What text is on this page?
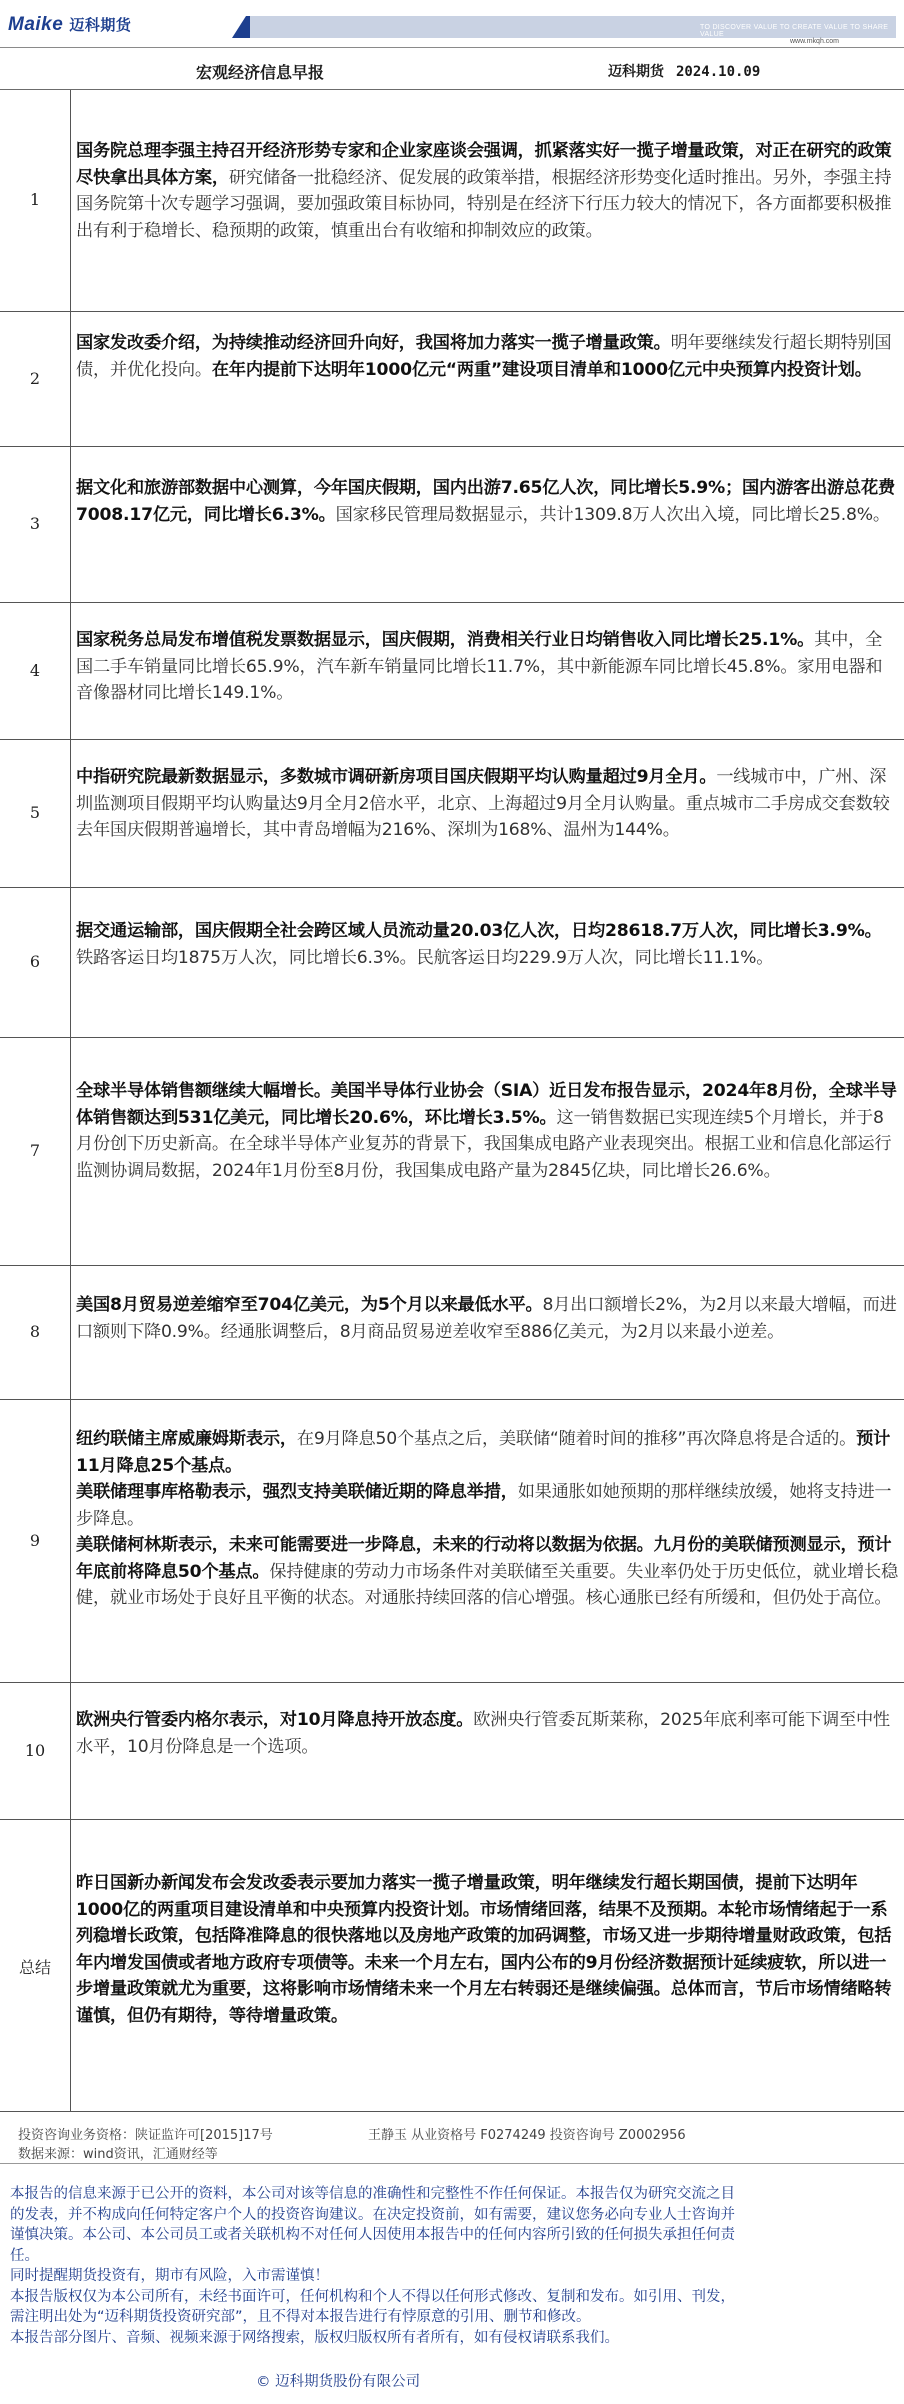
Maike 迈科期货	TO DISCOVER VALUE TO CREATE VALUE TO SHARE VALUE
www.mkqh.com
宏观经济信息早报	迈科期货 2024.10.09
1
国务院总理李强主持召开经济形势专家和企业家座谈会强调，抓紧落实好一揽子增量政策，对正在研究的政策尽快拿出具体方案，研究储备一批稳经济、促发展的政策举措，根据经济形势变化适时推出。另外，李强主持国务院第十次专题学习强调，要加强政策目标协同，特别是在经济下行压力较大的情况下，各方面都要积极推出有利于稳增长、稳预期的政策，慎重出台有收缩和抑制效应的政策。
2
国家发改委介绍，为持续推动经济回升向好，我国将加力落实一揽子增量政策。明年要继续发行超长期特别国债，并优化投向。在年内提前下达明年1000亿元“两重”建设项目清单和1000亿元中央预算内投资计划。
3
据文化和旅游部数据中心测算，今年国庆假期，国内出游7.65亿人次，同比增长5.9%；国内游客出游总花费7008.17亿元，同比增长6.3%。国家移民管理局数据显示，共计1309.8万人次出入境，同比增长25.8%。
4
国家税务总局发布增值税发票数据显示，国庆假期，消费相关行业日均销售收入同比增长25.1%。其中，全国二手车销量同比增长65.9%，汽车新车销量同比增长11.7%，其中新能源车同比增长45.8%。家用电器和音像器材同比增长149.1%。
5
中指研究院最新数据显示，多数城市调研新房项目国庆假期平均认购量超过9月全月。一线城市中，广州、深圳监测项目假期平均认购量达9月全月2倍水平，北京、上海超过9月全月认购量。重点城市二手房成交套数较去年国庆假期普遍增长，其中青岛增幅为216%、深圳为168%、温州为144%。
6
据交通运输部，国庆假期全社会跨区域人员流动量20.03亿人次，日均28618.7万人次，同比增长3.9%。铁路客运日均1875万人次，同比增长6.3%。民航客运日均229.9万人次，同比增长11.1%。
7
全球半导体销售额继续大幅增长。美国半导体行业协会（SIA）近日发布报告显示，2024年8月份，全球半导体销售额达到531亿美元，同比增长20.6%，环比增长3.5%。这一销售数据已实现连续5个月增长，并于8月份创下历史新高。在全球半导体产业复苏的背景下，我国集成电路产业表现突出。根据工业和信息化部运行监测协调局数据，2024年1月份至8月份，我国集成电路产量为2845亿块，同比增长26.6%。
8
美国8月贸易逆差缩窄至704亿美元，为5个月以来最低水平。8月出口额增长2%，为2月以来最大增幅，而进口额则下降0.9%。经通胀调整后，8月商品贸易逆差收窄至886亿美元，为2月以来最小逆差。
9
纽约联储主席威廉姆斯表示，在9月降息50个基点之后，美联储“随着时间的推移”再次降息将是合适的。预计11月降息25个基点。
美联储理事库格勒表示，强烈支持美联储近期的降息举措，如果通胀如她预期的那样继续放缓，她将支持进一步降息。
美联储柯林斯表示，未来可能需要进一步降息，未来的行动将以数据为依据。九月份的美联储预测显示，预计年底前将降息50个基点。保持健康的劳动力市场条件对美联储至关重要。失业率仍处于历史低位，就业增长稳健，就业市场处于良好且平衡的状态。对通胀持续回落的信心增强。核心通胀已经有所缓和，但仍处于高位。
10
欧洲央行管委内格尔表示，对10月降息持开放态度。欧洲央行管委瓦斯莱称，2025年底利率可能下调至中性水平，10月份降息是一个选项。
总结
昨日国新办新闻发布会发改委表示要加力落实一揽子增量政策，明年继续发行超长期国债，提前下达明年1000亿的两重项目建设清单和中央预算内投资计划。市场情绪回落，结果不及预期。本轮市场情绪起于一系列稳增长政策，包括降准降息的很快落地以及房地产政策的加码调整，市场又进一步期待增量财政政策，包括年内增发国债或者地方政府专项债等。未来一个月左右，国内公布的9月份经济数据预计延续疲软，所以进一步增量政策就尤为重要，这将影响市场情绪未来一个月左右转弱还是继续偏强。总体而言，节后市场情绪略转谨慎，但仍有期待，等待增量政策。
投资咨询业务资格：陕证监许可[2015]17号	王静玉 从业资格号 F0274249 投资咨询号 Z0002956
数据来源：wind资讯，汇通财经等

本报告的信息来源于已公开的资料，本公司对该等信息的准确性和完整性不作任何保证。本报告仅为研究交流之目的发表，并不构成向任何特定客户个人的投资咨询建议。在决定投资前，如有需要，建议您务必向专业人士咨询并谨慎决策。本公司、本公司员工或者关联机构不对任何人因使用本报告中的任何内容所引致的任何损失承担任何责任。

同时提醒期货投资有，期市有风险，入市需谨慎！

本报告版权仅为本公司所有，未经书面许可，任何机构和个人不得以任何形式修改、复制和发布。如引用、刊发，需注明出处为“迈科期货投资研究部”，且不得对本报告进行有悖原意的引用、删节和修改。

本报告部分图片、音频、视频来源于网络搜索，版权归版权所有者所有，如有侵权请联系我们。

© 迈科期货股份有限公司
